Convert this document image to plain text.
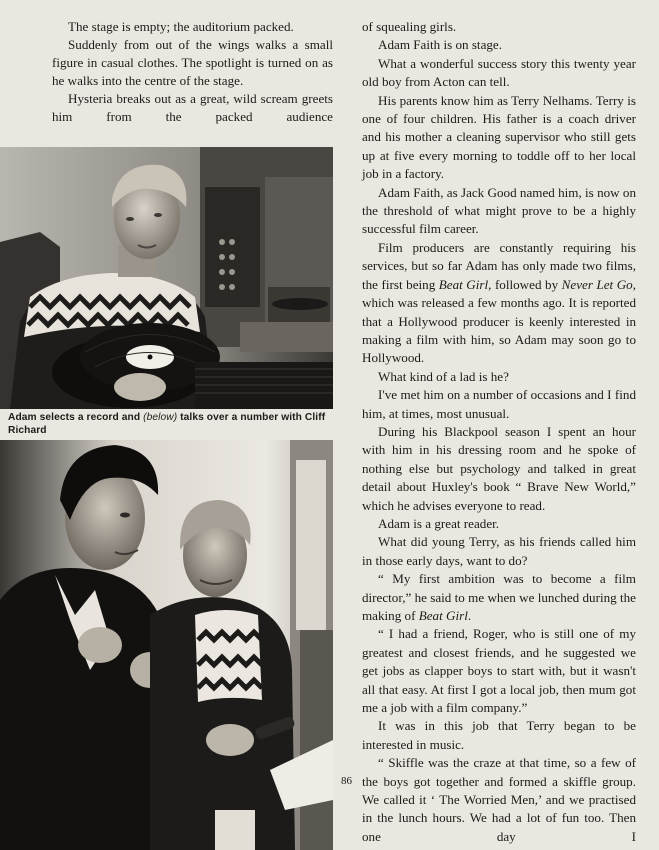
The stage is empty; the auditorium packed.

Suddenly from out of the wings walks a small figure in casual clothes. The spotlight is turned on as he walks into the centre of the stage.

Hysteria breaks out as a great, wild scream greets him from the packed audience

Adam selects a record and (below) talks over a number with Cliff Richard
86

of squealing girls.

Adam Faith is on stage.

What a wonderful success story this twenty year old boy from Acton can tell.

His parents know him as Terry Nelhams. Terry is one of four children. His father is a coach driver and his mother a cleaning supervisor who still gets up at five every morning to toddle off to her local job in a factory.

Adam Faith, as Jack Good named him, is now on the threshold of what might prove to be a highly successful film career.

Film producers are constantly requiring his services, but so far Adam has only made two films, the first being Beat Girl, followed by Never Let Go, which was released a few months ago. It is reported that a Hollywood producer is keenly interested in making a film with him, so Adam may soon go to Hollywood.

What kind of a lad is he?

I've met him on a number of occasions and I find him, at times, most unusual.

During his Blackpool season I spent an hour with him in his dressing room and he spoke of nothing else but psychology and talked in great detail about Huxley's book “ Brave New World,” which he advises everyone to read.

Adam is a great reader.

What did young Terry, as his friends called him in those early days, want to do?

“ My first ambition was to become a film director,” he said to me when we lunched during the making of Beat Girl.

“ I had a friend, Roger, who is still one of my greatest and closest friends, and he suggested we get jobs as clapper boys to start with, but it wasn't all that easy. At first I got a local job, then mum got me a job with a film company.”

It was in this job that Terry began to be interested in music.

“ Skiffle was the craze at that time, so a few of the boys got together and formed a skiffle group. We called it ‘ The Worried Men,’ and we practised in the lunch hours. We had a lot of fun too. Then one day I
